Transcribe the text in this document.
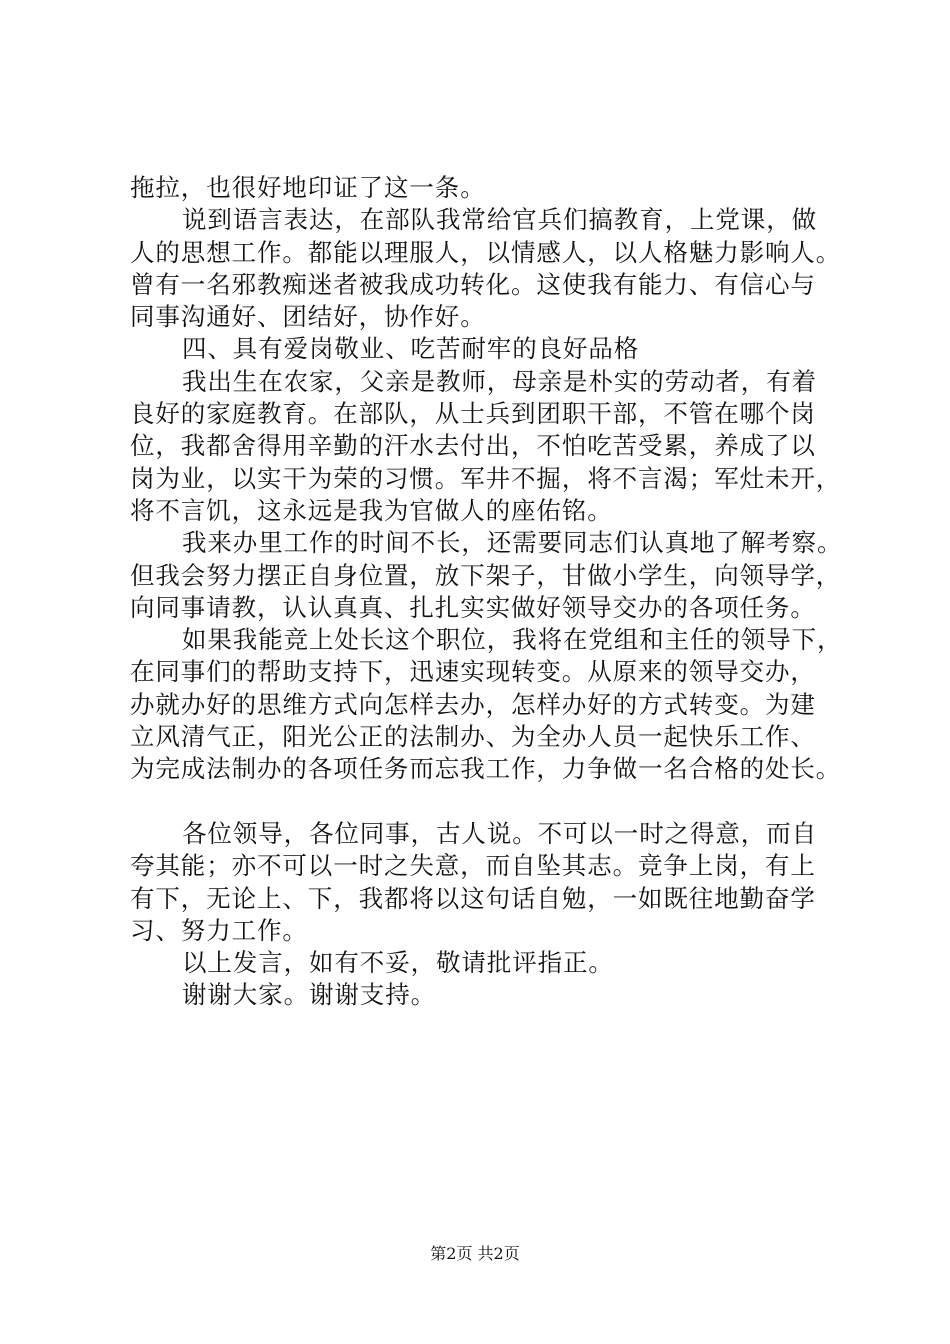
拖拉，也很好地印证了这一条。
说到语言表达，在部队我常给官兵们搞教育，上党课，做
人的思想工作。都能以理服人，以情感人，以人格魅力影响人。
曾有一名邪教痴迷者被我成功转化。这使我有能力、有信心与
同事沟通好、团结好，协作好。
四、具有爱岗敬业、吃苦耐牢的良好品格
我出生在农家，父亲是教师，母亲是朴实的劳动者，有着
良好的家庭教育。在部队，从士兵到团职干部，不管在哪个岗
位，我都舍得用辛勤的汗水去付出，不怕吃苦受累，养成了以
岗为业，以实干为荣的习惯。军井不掘，将不言渴；军灶未开，
将不言饥，这永远是我为官做人的座佑铭。
我来办里工作的时间不长，还需要同志们认真地了解考察。
但我会努力摆正自身位置，放下架子，甘做小学生，向领导学，
向同事请教，认认真真、扎扎实实做好领导交办的各项任务。
如果我能竞上处长这个职位，我将在党组和主任的领导下，
在同事们的帮助支持下，迅速实现转变。从原来的领导交办，
办就办好的思维方式向怎样去办，怎样办好的方式转变。为建
立风清气正，阳光公正的法制办、为全办人员一起快乐工作、
为完成法制办的各项任务而忘我工作，力争做一名合格的处长。
各位领导，各位同事，古人说。不可以一时之得意，而自
夸其能；亦不可以一时之失意，而自坠其志。竞争上岗，有上
有下，无论上、下，我都将以这句话自勉，一如既往地勤奋学
习、努力工作。
以上发言，如有不妥，敬请批评指正。
谢谢大家。谢谢支持。
第2页 共2页
